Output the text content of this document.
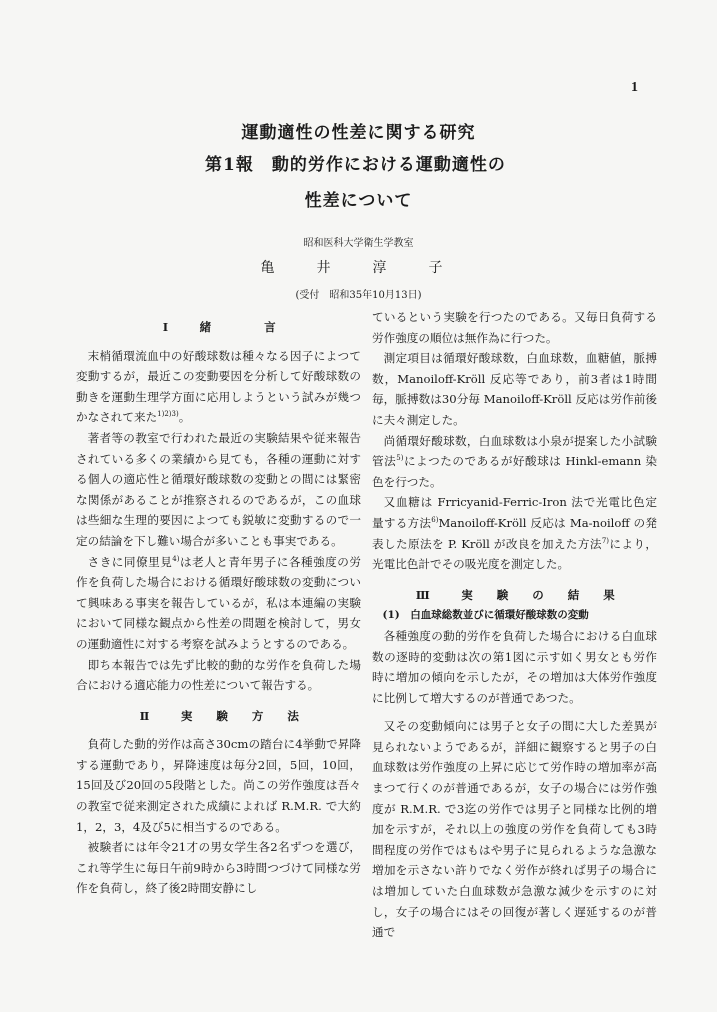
1
運動適性の性差に関する研究
第1報　動的労作における運動適性の
性差について
昭和医科大学衛生学教室
亀　井　淳　子
(受付　昭和35年10月13日)

Ⅰ　緒　　言

末梢循環流血中の好酸球数は種々なる因子によつて変動するが，最近この変動要因を分析して好酸球数の動きを運動生理学方面に応用しようという試みが幾つかなされて来た$^{1)2)3)}$。

著者等の教室で行われた最近の実験結果や従来報告されている多くの業績から見ても，各種の運動に対する個人の適応性と循環好酸球数の変動との間には緊密な関係があることが推察されるのであるが，この血球は些細な生理的要因によつても鋭敏に変動するので一定の結論を下し難い場合が多いことも事実である。

さきに同僚里見$^{4)}$は老人と青年男子に各種強度の労作を負荷した場合における循環好酸球数の変動について興味ある事実を報告しているが，私は本連編の実験において同様な観点から性差の問題を検討して，男女の運動適性に対する考察を試みようとするのである。

即ち本報告では先ず比較的動的な労作を負荷した場合における適応能力の性差について報告する。

Ⅱ　実 験 方 法

負荷した動的労作は高さ30cmの踏台に4挙動で昇降する運動であり，昇降速度は毎分2回，5回，10回，15回及び20回の5段階とした。尚この労作強度は吾々の教室で従来測定された成績によれば R.M.R. で大約1，2，3，4及び5に相当するのである。

被験者には年令21才の男女学生各2名ずつを選び，これ等学生に毎日午前9時から3時間つづけて同様な労作を負荷し，終了後2時間安静にし

ているという実験を行つたのである。又毎日負荷する労作強度の順位は無作為に行つた。

測定項目は循環好酸球数，白血球数，血糖値，脈搏数，Manoiloff-Kröll 反応等であり，前3者は1時間毎，脈搏数は30分毎 Manoiloff-Kröll 反応は労作前後に夫々測定した。

尚循環好酸球数，白血球数は小泉が提案した小試験管法$^{5)}$によつたのであるが好酸球は Hinkl-emann 染色を行つた。

又血糖は Frricyanid-Ferric-Iron 法で光電比色定量する方法$^{6)}$Manoiloff-Kröll 反応は Ma-noiloff の発表した原法を P. Kröll が改良を加えた方法$^{7)}$により，光電比色計でその吸光度を測定した。

Ⅲ　実 験 の 結 果

(1)　白血球総数並びに循環好酸球数の変動

各種強度の動的労作を負荷した場合における白血球数の逐時的変動は次の第1図に示す如く男女とも労作時に増加の傾向を示したが，その増加は大体労作強度に比例して増大するのが普通であつた。

又その変動傾向には男子と女子の間に大した差異が見られないようであるが，詳細に観察すると男子の白血球数は労作強度の上昇に応じて労作時の増加率が高まつて行くのが普通であるが，女子の場合には労作強度が R.M.R. で3迄の労作では男子と同様な比例的増加を示すが，それ以上の強度の労作を負荷しても3時間程度の労作ではもはや男子に見られるような急激な増加を示さない許りでなく労作が終れば男子の場合には増加していた白血球数が急激な減少を示すのに対し，女子の場合にはその回復が著しく遅延するのが普通で
